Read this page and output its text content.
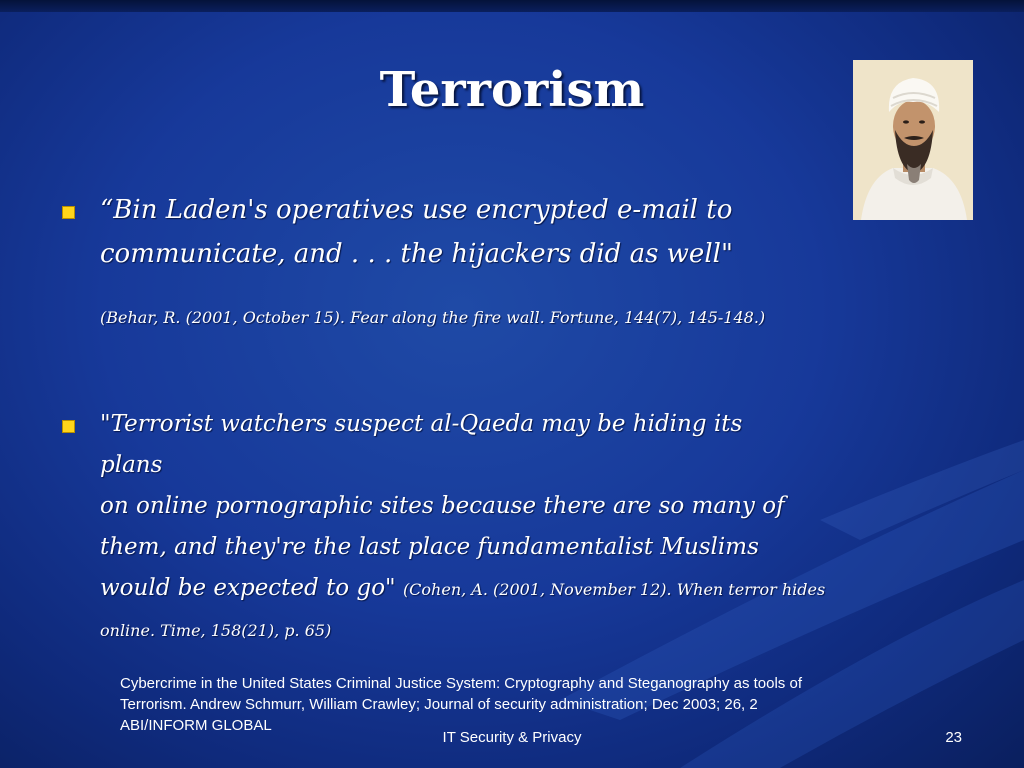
Terrorism
“Bin Laden's operatives use encrypted e-mail to
communicate, and . . . the hijackers did as well"
(Behar, R. (2001, October 15). Fear along the fire wall. Fortune, 144(7), 145-148.)
"Terrorist watchers suspect al-Qaeda may be hiding its plans
on online pornographic sites because there are so many of
them, and they're the last place fundamentalist Muslims
would be expected to go" (Cohen, A. (2001, November 12). When terror hides
online. Time, 158(21), p. 65)
Cybercrime in the United States Criminal Justice System: Cryptography and Steganography as tools of
Terrorism. Andrew Schmurr, William Crawley; Journal of security administration; Dec 2003; 26, 2
ABI/INFORM GLOBAL
IT Security & Privacy	23
